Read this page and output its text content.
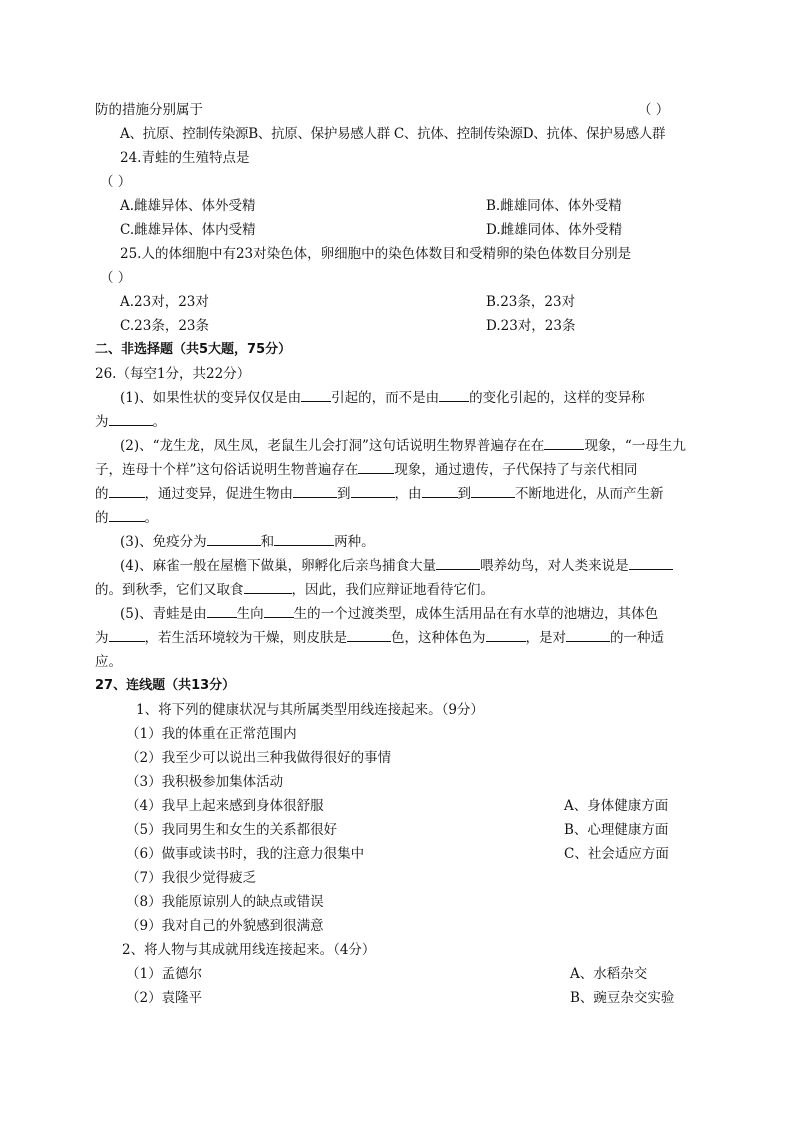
防的措施分别属于	（ ）
A、抗原、控制传染源B、抗原、保护易感人群 C、抗体、控制传染源D、抗体、保护易感人群
24.青蛙的生殖特点是
（ ）
A.雌雄异体、体外受精	B.雌雄同体、体外受精
C.雌雄异体、体内受精	D.雌雄同体、体外受精
25.人的体细胞中有23对染色体，卵细胞中的染色体数目和受精卵的染色体数目分别是
（ ）
A.23对，23对	B.23条，23对
C.23条，23条	D.23对，23条
二、非选择题（共5大题，75分）
26.（每空1分，共22分）
(1)、如果性状的变异仅仅是由 引起的，而不是由 的变化引起的，这样的变异称
为	。
(2)、“龙生龙，凤生凤，老鼠生儿会打洞”这句话说明生物界普遍存在在	现象，“一母生九
子，连母十个样”这句俗话说明生物普遍存在	现象，通过遗传，子代保持了与亲代相同
的	，通过变异，促进生物由	到	，由	到	不断地进化，从而产生新
的	。
(3)、免疫分为	和	两种。
(4)、麻雀一般在屋檐下做巢，卵孵化后亲鸟捕食大量	喂养幼鸟，对人类来说是
的。到秋季，它们又取食	，因此，我们应辩证地看待它们。
(5)、青蛙是由 生向 生的一个过渡类型，成体生活用品在有水草的池塘边，其体色
为	，若生活环境较为干燥，则皮肤是	色，这种体色为	，是对	的一种适
应。
27、连线题（共13分）
1、将下列的健康状况与其所属类型用线连接起来。（9分）
（1）我的体重在正常范围内
（2）我至少可以说出三种我做得很好的事情
（3）我积极参加集体活动
（4）我早上起来感到身体很舒服
（5）我同男生和女生的关系都很好
（6）做事或读书时，我的注意力很集中
（7）我很少觉得疲乏
（8）我能原谅别人的缺点或错误
（9）我对自己的外貌感到很满意
A、身体健康方面
B、心理健康方面
C、社会适应方面
2、将人物与其成就用线连接起来。（4分）
（1）孟德尔
（2）袁隆平
A、水稻杂交
B、豌豆杂交实验
